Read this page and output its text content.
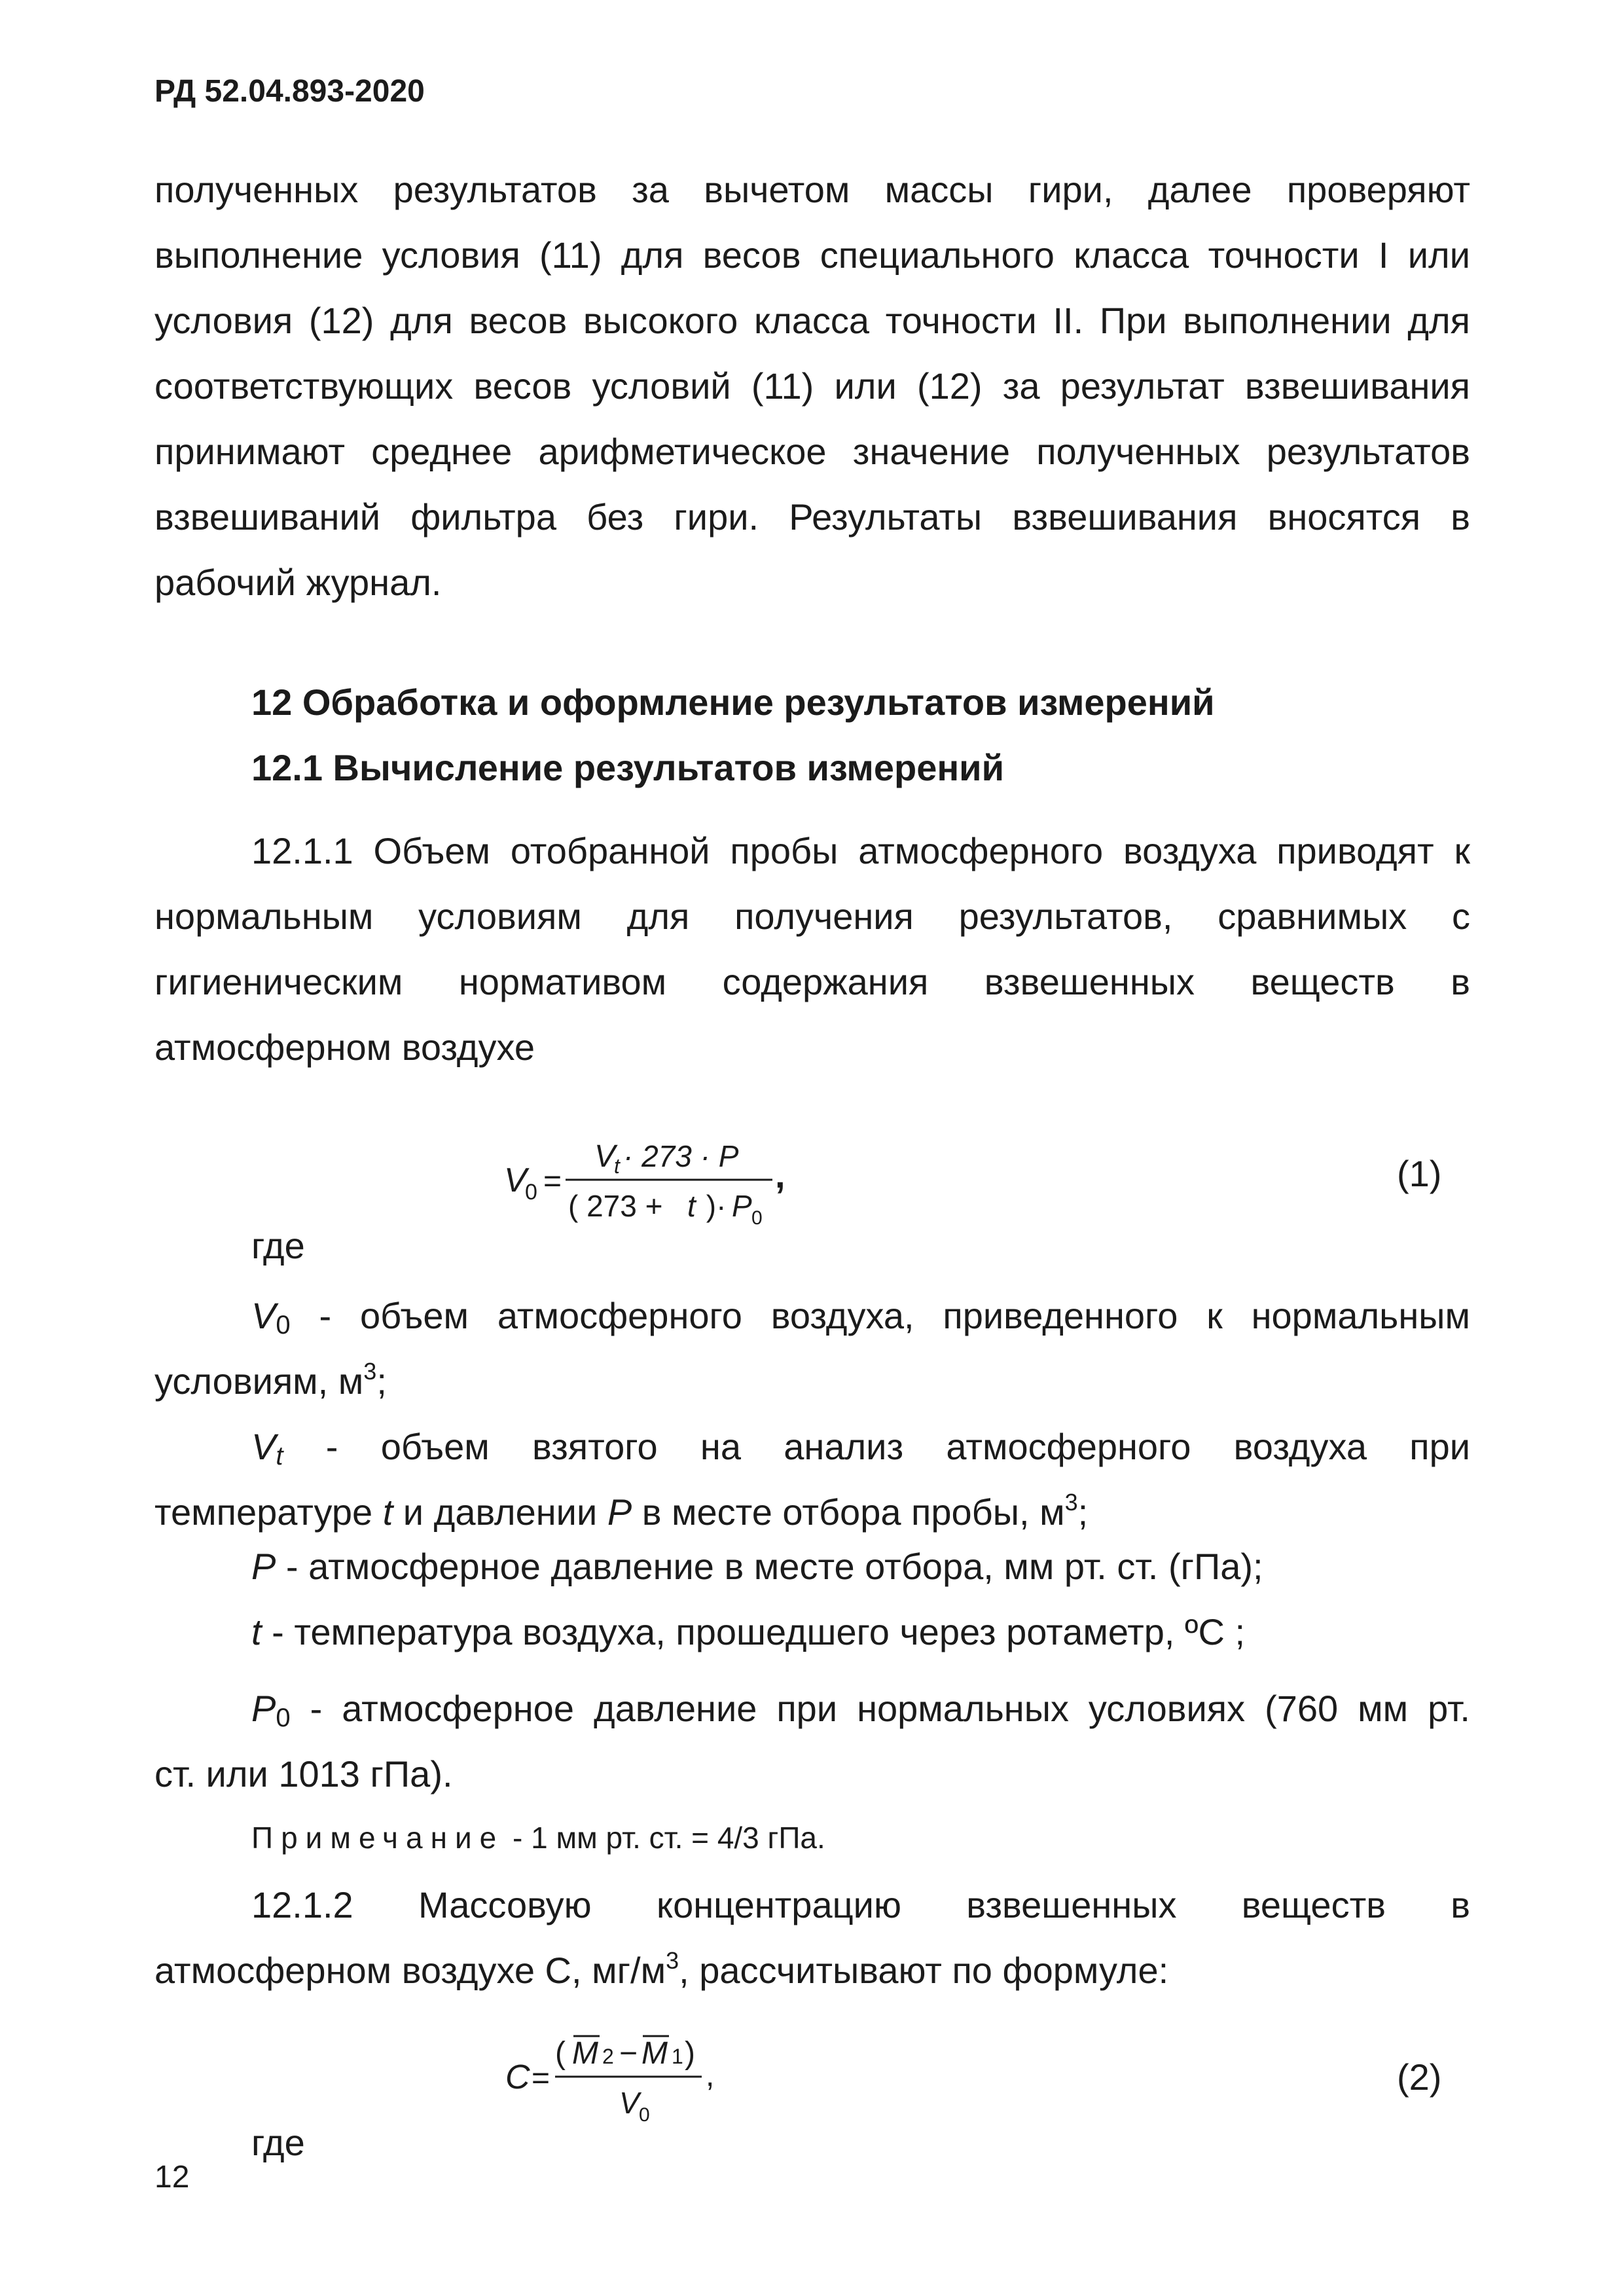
РД 52.04.893-2020
полученных результатов за вычетом массы гири, далее проверяют
выполнение условия (11) для весов специального класса точности I или
условия (12) для весов высокого класса точности II. При выполнении для
соответствующих весов условий (11) или (12) за результат взвешивания
принимают среднее арифметическое значение полученных результатов
взвешиваний фильтра без гири. Результаты взвешивания вносятся в
рабочий журнал.
12 Обработка и оформление результатов измерений
12.1 Вычисление результатов измерений
12.1.1 Объем отобранной пробы атмосферного воздуха приводят к
нормальным условиям для получения результатов, сравнимых с
гигиеническим нормативом содержания взвешенных веществ в
атмосферном воздухе
V
0 =
V
t · 273 · P
( 273 + t )· P 0
,	(1)
где
$V_0$ - объем атмосферного воздуха, приведенного к нормальным
условиям, $м^3$;
$V_t$ - объем взятого на анализ атмосферного воздуха при
температуре t и давлении P в месте отбора пробы, $м^3$;
P - атмосферное давление в месте отбора, мм рт. ст. (гПа);
t - температура воздуха, прошедшего через ротаметр, ºС ;
$P_0$ - атмосферное давление при нормальных условиях (760 мм рт.
ст. или 1013 гПа).
Примечание - 1 мм рт. ст. = 4/3 гПа.
12.1.2 Массовую концентрацию взвешенных веществ в
атмосферном воздухе С, $мг/м^3$, рассчитывают по формуле:
C =
( M 2 − M 1 )
V 0
,	(2)
где
12
